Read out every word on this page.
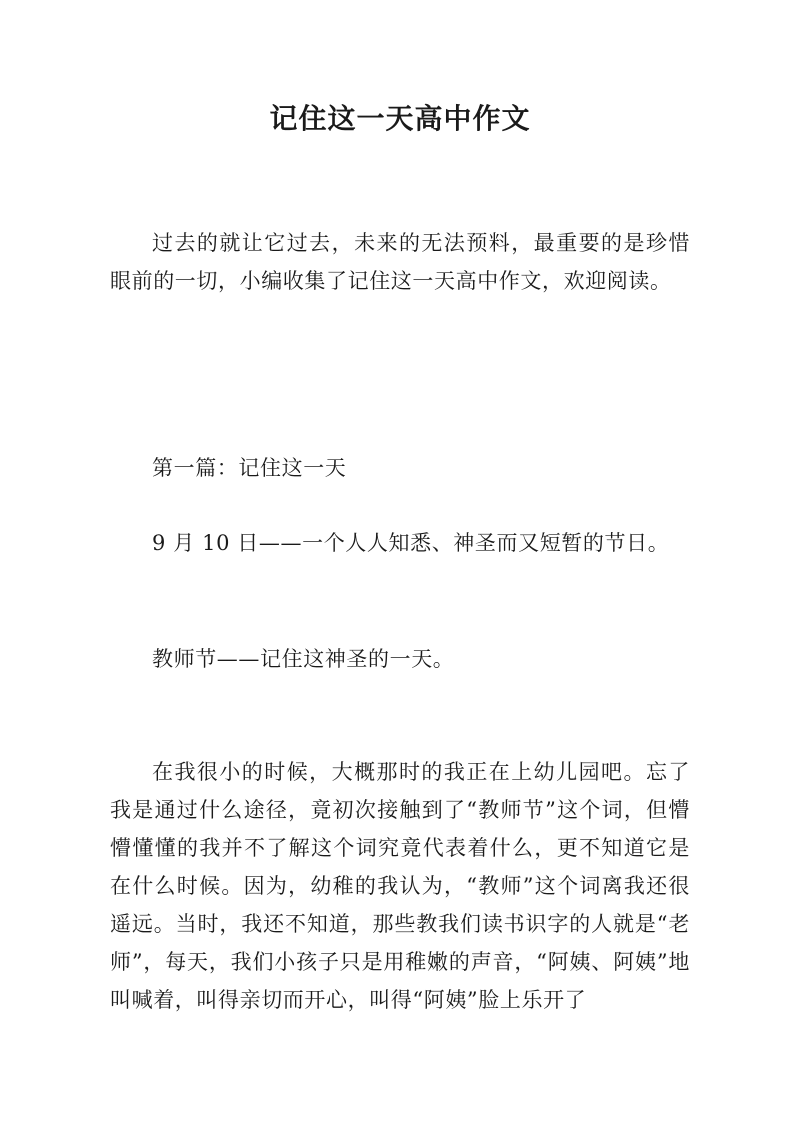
记住这一天高中作文

过去的就让它过去，未来的无法预料，最重要的是珍惜眼前的一切，小编收集了记住这一天高中作文，欢迎阅读。

第一篇：记住这一天

9 月 10 日——一个人人知悉、神圣而又短暂的节日。

教师节——记住这神圣的一天。

在我很小的时候，大概那时的我正在上幼儿园吧。忘了我是通过什么途径，竟初次接触到了“教师节”这个词，但懵懵懂懂的我并不了解这个词究竟代表着什么，更不知道它是在什么时候。因为，幼稚的我认为，“教师”这个词离我还很遥远。当时，我还不知道，那些教我们读书识字的人就是“老师”，每天，我们小孩子只是用稚嫩的声音，“阿姨、阿姨”地叫喊着，叫得亲切而开心，叫得“阿姨”脸上乐开了
